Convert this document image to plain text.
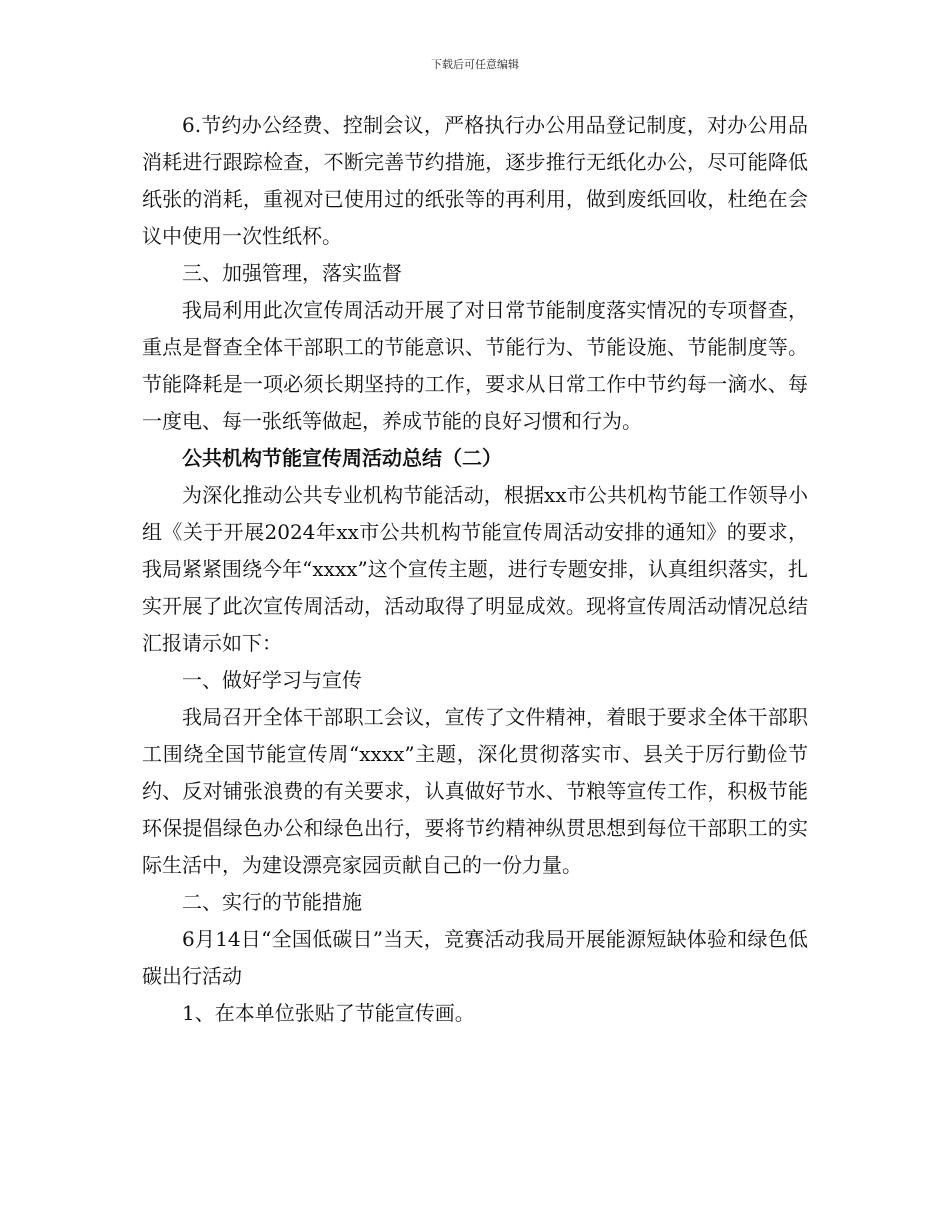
下载后可任意编辑

6.节约办公经费、控制会议，严格执行办公用品登记制度，对办公用品消耗进行跟踪检查，不断完善节约措施，逐步推行无纸化办公，尽可能降低纸张的消耗，重视对已使用过的纸张等的再利用，做到废纸回收，杜绝在会议中使用一次性纸杯。

三、加强管理，落实监督

我局利用此次宣传周活动开展了对日常节能制度落实情况的专项督查，重点是督查全体干部职工的节能意识、节能行为、节能设施、节能制度等。节能降耗是一项必须长期坚持的工作，要求从日常工作中节约每一滴水、每一度电、每一张纸等做起，养成节能的良好习惯和行为。

公共机构节能宣传周活动总结（二）

为深化推动公共专业机构节能活动，根据xx市公共机构节能工作领导小组《关于开展2024年xx市公共机构节能宣传周活动安排的通知》的要求，我局紧紧围绕今年“xxxx”这个宣传主题，进行专题安排，认真组织落实，扎实开展了此次宣传周活动，活动取得了明显成效。现将宣传周活动情况总结汇报请示如下：

一、做好学习与宣传

我局召开全体干部职工会议，宣传了文件精神，着眼于要求全体干部职工围绕全国节能宣传周“xxxx”主题，深化贯彻落实市、县关于厉行勤俭节约、反对铺张浪费的有关要求，认真做好节水、节粮等宣传工作，积极节能环保提倡绿色办公和绿色出行，要将节约精神纵贯思想到每位干部职工的实际生活中，为建设漂亮家园贡献自己的一份力量。

二、实行的节能措施

6月14日“全国低碳日”当天，竞赛活动我局开展能源短缺体验和绿色低碳出行活动

1、在本单位张贴了节能宣传画。
